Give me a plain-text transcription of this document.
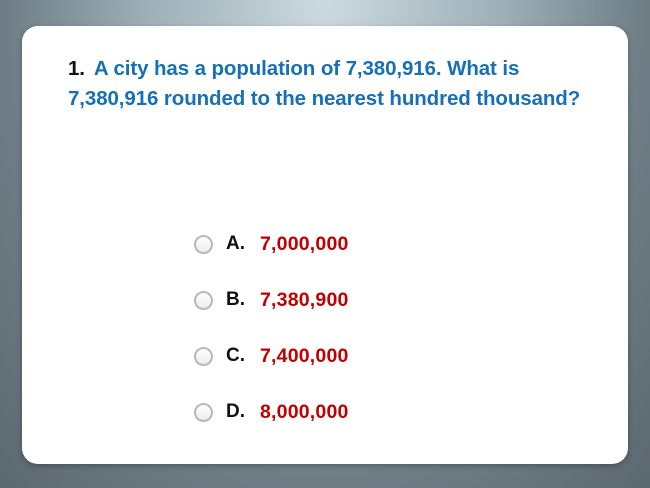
1. A city has a population of 7,380,916. What is 7,380,916 rounded to the nearest hundred thousand?
A. 7,000,000
B. 7,380,900
C. 7,400,000
D. 8,000,000
